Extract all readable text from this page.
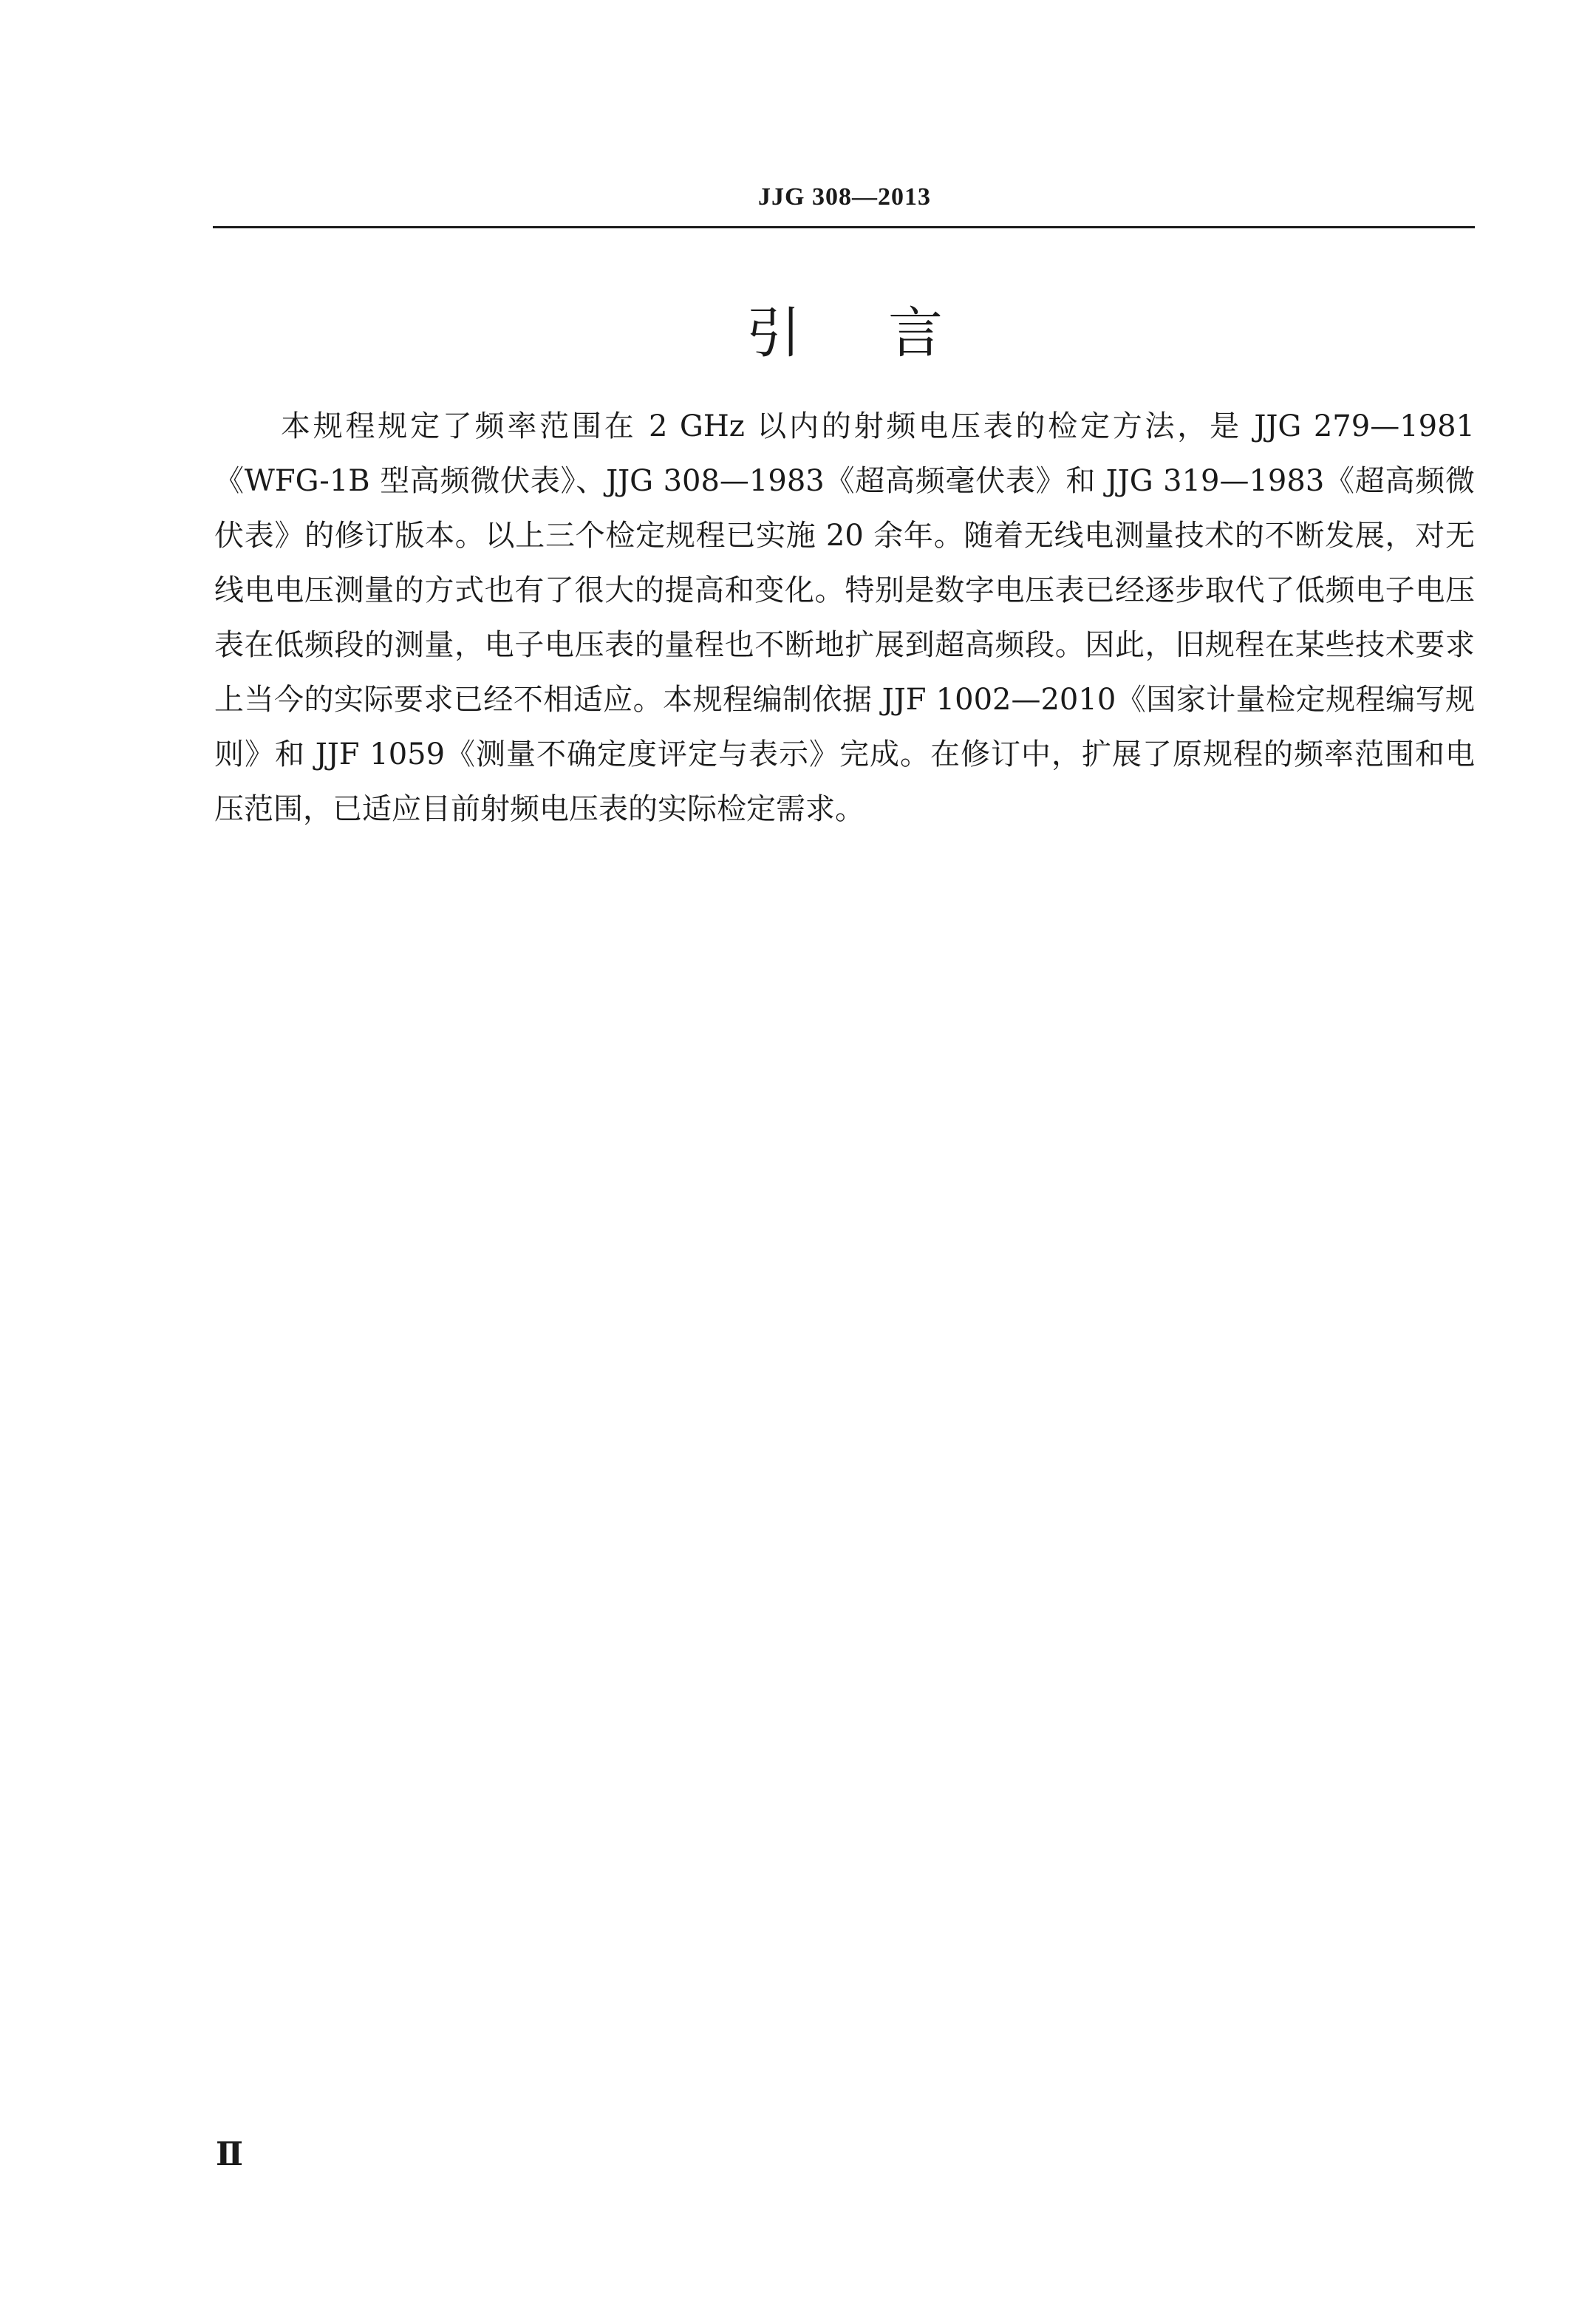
JJG 308—2013
引言

本规程规定了频率范围在 2 GHz 以内的射频电压表的检定方法，是 JJG 279—1981《WFG-1B 型高频微伏表》、JJG 308—1983《超高频毫伏表》和 JJG 319—1983《超高频微伏表》的修订版本。以上三个检定规程已实施 20 余年。随着无线电测量技术的不断发展，对无线电电压测量的方式也有了很大的提高和变化。特别是数字电压表已经逐步取代了低频电子电压表在低频段的测量，电子电压表的量程也不断地扩展到超高频段。因此，旧规程在某些技术要求上当今的实际要求已经不相适应。本规程编制依据 JJF 1002—2010《国家计量检定规程编写规则》和 JJF 1059《测量不确定度评定与表示》完成。在修订中，扩展了原规程的频率范围和电压范围，已适应目前射频电压表的实际检定需求。

Ⅱ
